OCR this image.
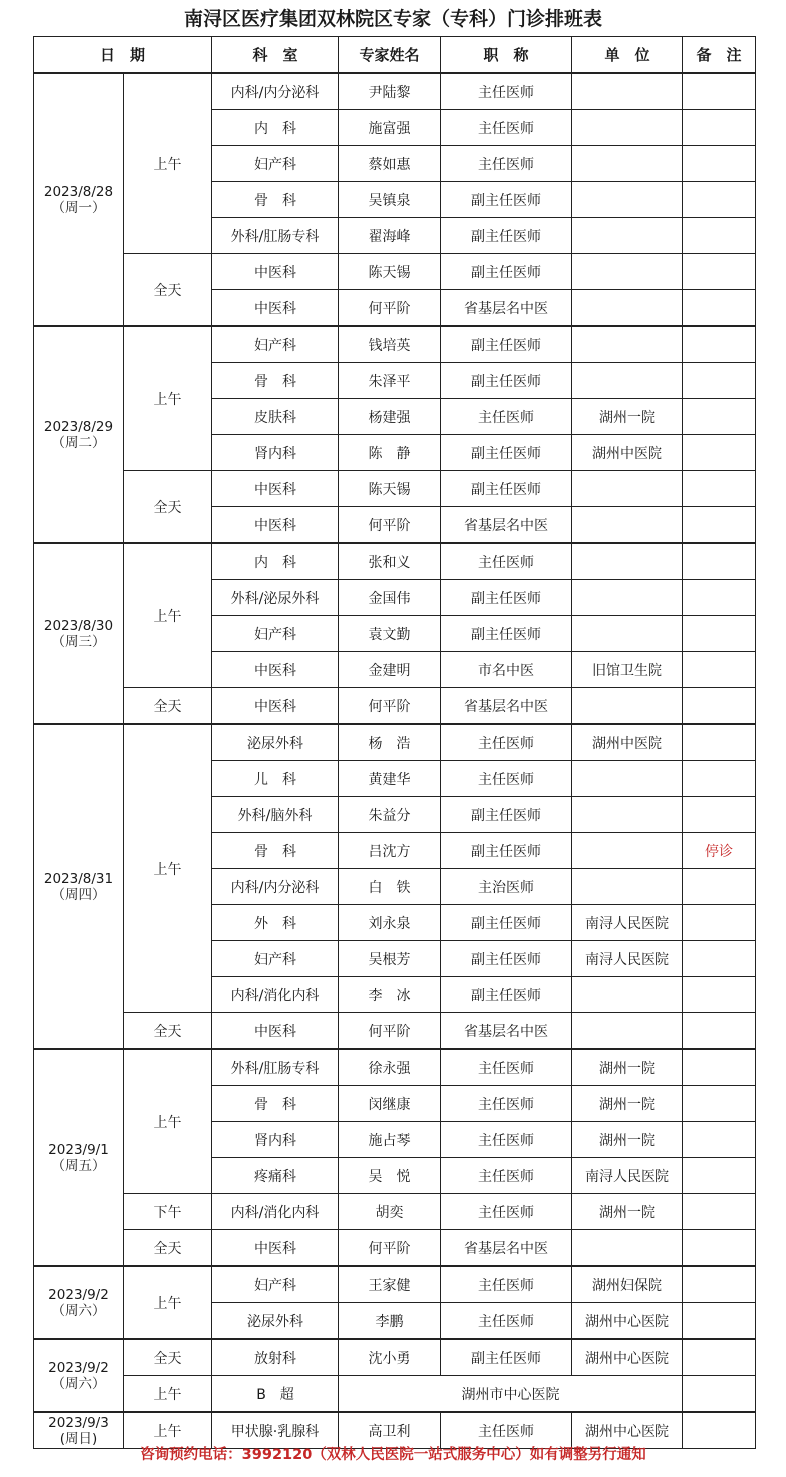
南浔区医疗集团双林院区专家（专科）门诊排班表
日　期		科　室	专家姓名	职　称	单　位	备　注

2023/8/28
（周一）	上午	内科/内分泌科	尹陆黎	主任医师		
		内　科	施富强	主任医师		
		妇产科	蔡如惠	主任医师		
		骨　科	吴镇泉	副主任医师		
		外科/肛肠专科	翟海峰	副主任医师		
	全天	中医科	陈天锡	副主任医师		
		中医科	何平阶	省基层名中医		

2023/8/29
（周二）	上午	妇产科	钱培英	副主任医师		
		骨　科	朱泽平	副主任医师		
		皮肤科	杨建强	主任医师	湖州一院	
		肾内科	陈　静	副主任医师	湖州中医院	
	全天	中医科	陈天锡	副主任医师		
		中医科	何平阶	省基层名中医		

2023/8/30
（周三）	上午	内　科	张和义	主任医师		
		外科/泌尿外科	金国伟	副主任医师		
		妇产科	袁文勤	副主任医师		
		中医科	金建明	市名中医	旧馆卫生院	
	全天	中医科	何平阶	省基层名中医		

2023/8/31
（周四）	上午	泌尿外科	杨　浩	主任医师	湖州中医院	
		儿　科	黄建华	主任医师		
		外科/脑外科	朱益分	副主任医师		
		骨　科	吕沈方	副主任医师		停诊
		内科/内分泌科	白　铁	主治医师		
		外　科	刘永泉	副主任医师	南浔人民医院	
		妇产科	吴根芳	副主任医师	南浔人民医院	
		内科/消化内科	李　冰	副主任医师		
	全天	中医科	何平阶	省基层名中医		

2023/9/1
（周五）	上午	外科/肛肠专科	徐永强	主任医师	湖州一院	
		骨　科	闵继康	主任医师	湖州一院	
		肾内科	施占琴	主任医师	湖州一院	
		疼痛科	吴　悦	主任医师	南浔人民医院	
	下午	内科/消化内科	胡奕	主任医师	湖州一院	
	全天	中医科	何平阶	省基层名中医		

2023/9/2
（周六）	上午	妇产科	王家健	主任医师	湖州妇保院	
		泌尿外科	李鹏	主任医师	湖州中心医院	

2023/9/2
（周六）	全天	放射科	沈小勇	副主任医师	湖州中心医院	
	上午	B　超	湖州市中心医院			

2023/9/3
(周日)	上午	甲状腺·乳腺科	高卫利	主任医师	湖州中心医院	
咨询预约电话：3992120（双林人民医院一站式服务中心）如有调整另行通知
